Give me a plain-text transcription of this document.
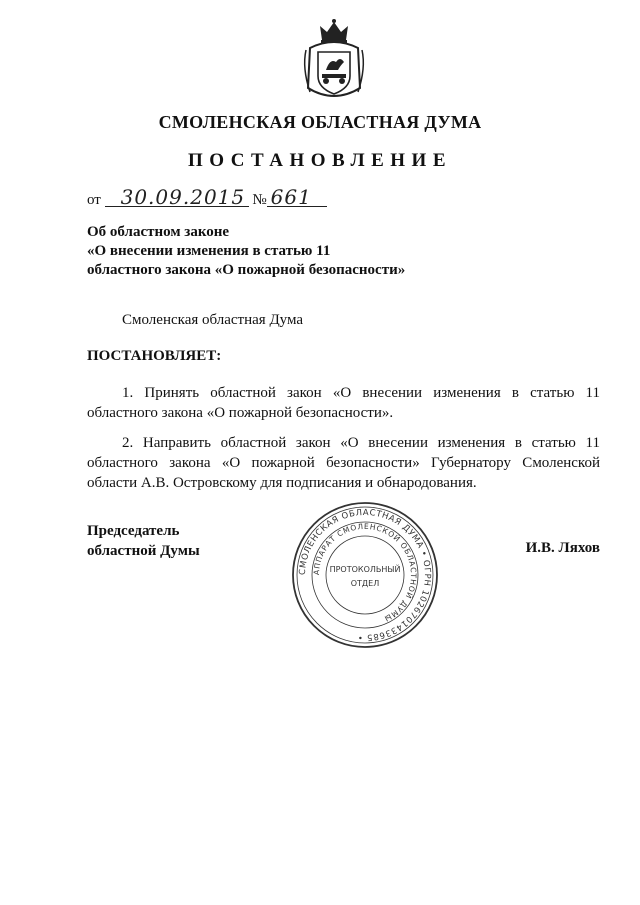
СМОЛЕНСКАЯ ОБЛАСТНАЯ ДУМА
ПОСТАНОВЛЕНИЕ
от 30.09.2015 № 661
Об областном законе
«О внесении изменения в статью 11
областного закона «О пожарной безопасности»
Смоленская областная Дума
ПОСТАНОВЛЯЕТ:
1. Принять областной закон «О внесении изменения в статью 11 областного закона «О пожарной безопасности».
2. Направить областной закон «О внесении изменения в статью 11 областного закона «О пожарной безопасности» Губернатору Смоленской области А.В. Островскому для подписания и обнародования.
Председатель
областной Думы	И.В. Ляхов
СМОЛЕНСКАЯ ОБЛАСТНАЯ ДУМА • ОГРН 1026701433685 •
АППАРАТ СМОЛЕНСКОЙ ОБЛАСТНОЙ ДУМЫ
ПРОТОКОЛЬНЫЙ
ОТДЕЛ
